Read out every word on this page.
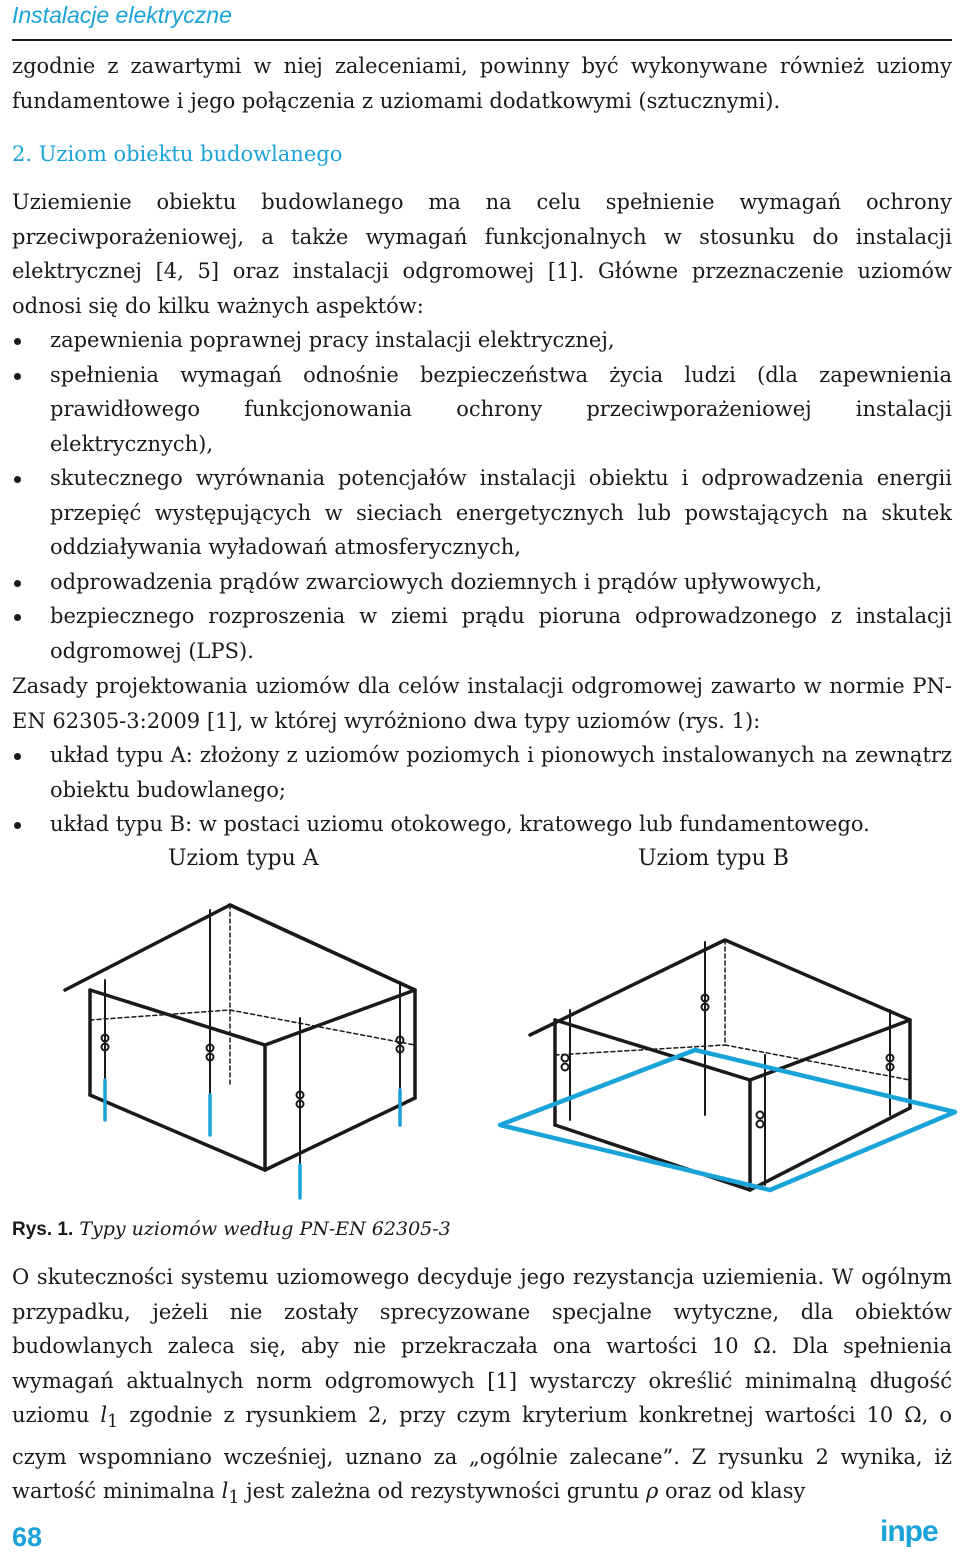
Instalacje elektryczne

zgodnie z zawartymi w niej zaleceniami, powinny być wykonywane również uziomy fundamentowe i jego połączenia z uziomami dodatkowymi (sztucznymi).

2. Uziom obiektu budowlanego

Uziemienie obiektu budowlanego ma na celu spełnienie wymagań ochrony przeciwporażeniowej, a także wymagań funkcjonalnych w stosunku do instalacji elektrycznej [4, 5] oraz instalacji odgromowej [1]. Główne przeznaczenie uziomów odnosi się do kilku ważnych aspektów:

zapewnienia poprawnej pracy instalacji elektrycznej,
spełnienia wymagań odnośnie bezpieczeństwa życia ludzi (dla zapewnienia prawidłowego funkcjonowania ochrony przeciwporażeniowej instalacji elektrycznych),
skutecznego wyrównania potencjałów instalacji obiektu i odprowadzenia energii przepięć występujących w sieciach energetycznych lub powstających na skutek oddziaływania wyładowań atmosferycznych,
odprowadzenia prądów zwarciowych doziemnych i prądów upływowych,
bezpiecznego rozproszenia w ziemi prądu pioruna odprowadzonego z instalacji odgromowej (LPS).

Zasady projektowania uziomów dla celów instalacji odgromowej zawarto w normie PN-EN 62305-3:2009 [1], w której wyróżniono dwa typy uziomów (rys. 1):

układ typu A: złożony z uziomów poziomych i pionowych instalowanych na zewnątrz obiektu budowlanego;
układ typu B: w postaci uziomu otokowego, kratowego lub fundamentowego.
Uziom typu A	Uziom typu B
Rys. 1. Typy uziomów według PN-EN 62305-3

O skuteczności systemu uziomowego decyduje jego rezystancja uziemienia. W ogólnym przypadku, jeżeli nie zostały sprecyzowane specjalne wytyczne, dla obiektów budowlanych zaleca się, aby nie przekraczała ona wartości 10 Ω. Dla spełnienia wymagań aktualnych norm odgromowych [1] wystarczy określić minimalną długość uziomu $l_1$ zgodnie z rysunkiem 2, przy czym kryterium konkretnej wartości 10 Ω, o czym wspomniano wcześniej, uznano za „ogólnie zalecane”. Z rysunku 2 wynika, iż wartość minimalna $l_1$ jest zależna od rezystywności gruntu ρ oraz od klasy

68	inpe
